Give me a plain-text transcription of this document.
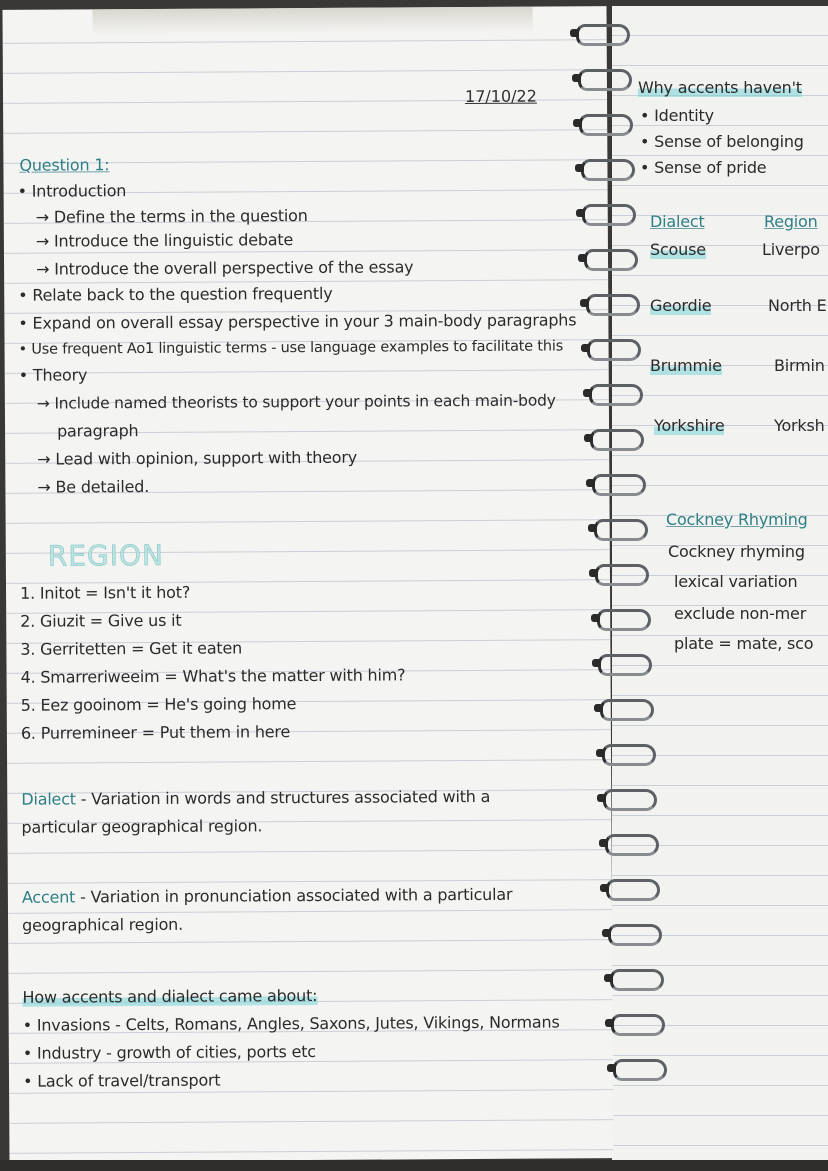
Why accents haven't
• Identity
• Sense of belonging
• Sense of pride
Dialect	Region
Scouse	Liverpo
Geordie	North E
Brummie	Birmin
Yorkshire	Yorksh
Cockney Rhyming
Cockney rhyming
lexical variation
exclude non-mer
plate = mate, sco
17/10/22
Question 1:
• Introduction
→ Define the terms in the question
→ Introduce the linguistic debate
→ Introduce the overall perspective of the essay
• Relate back to the question frequently
• Expand on overall essay perspective in your 3 main-body paragraphs
• Use frequent Ao1 linguistic terms - use language examples to facilitate this
• Theory
→ Include named theorists to support your points in each main-body
paragraph
→ Lead with opinion, support with theory
→ Be detailed.
REGION
1. Initot = Isn't it hot?
2. Giuzit = Give us it
3. Gerritetten = Get it eaten
4. Smarreriweeim = What's the matter with him?
5. Eez gooinom = He's going home
6. Purremineer = Put them in here
Dialect - Variation in words and structures associated with a
particular geographical region.
Accent - Variation in pronunciation associated with a particular
geographical region.
How accents and dialect came about:
• Invasions - Celts, Romans, Angles, Saxons, Jutes, Vikings, Normans
• Industry - growth of cities, ports etc
• Lack of travel/transport
